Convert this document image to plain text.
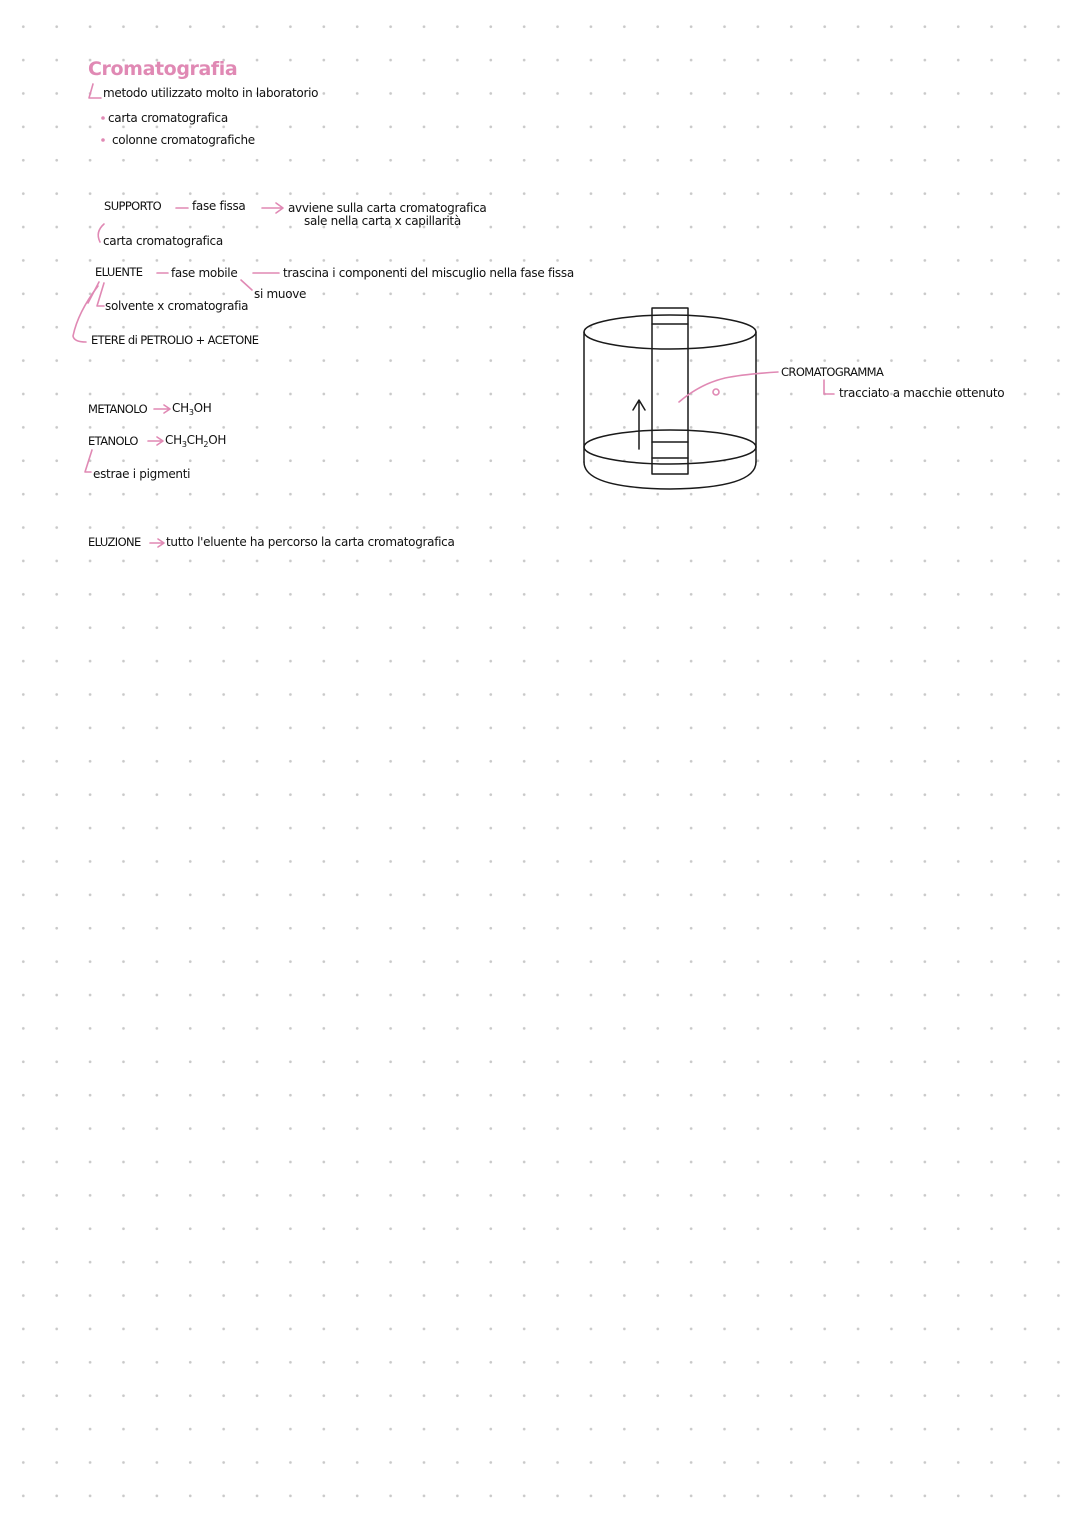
Cromatografia
metodo utilizzato molto in laboratorio
carta cromatografica
colonne cromatografiche
SUPPORTO	fase fissa	avviene sulla carta cromatografica
sale nella carta x capillarità
carta cromatografica
ELUENTE fase mobile	trascina i componenti del miscuglio nella fase fissa
si muove
solvente x cromatografia
ETERE di PETROLIO + ACETONE
METANOLO $CH_3OH$
ETANOLO $CH_3CH_2OH$
estrae i pigmenti
ELUZIONE tutto l'eluente ha percorso la carta cromatografica
CROMATOGRAMMA
tracciato a macchie ottenuto
